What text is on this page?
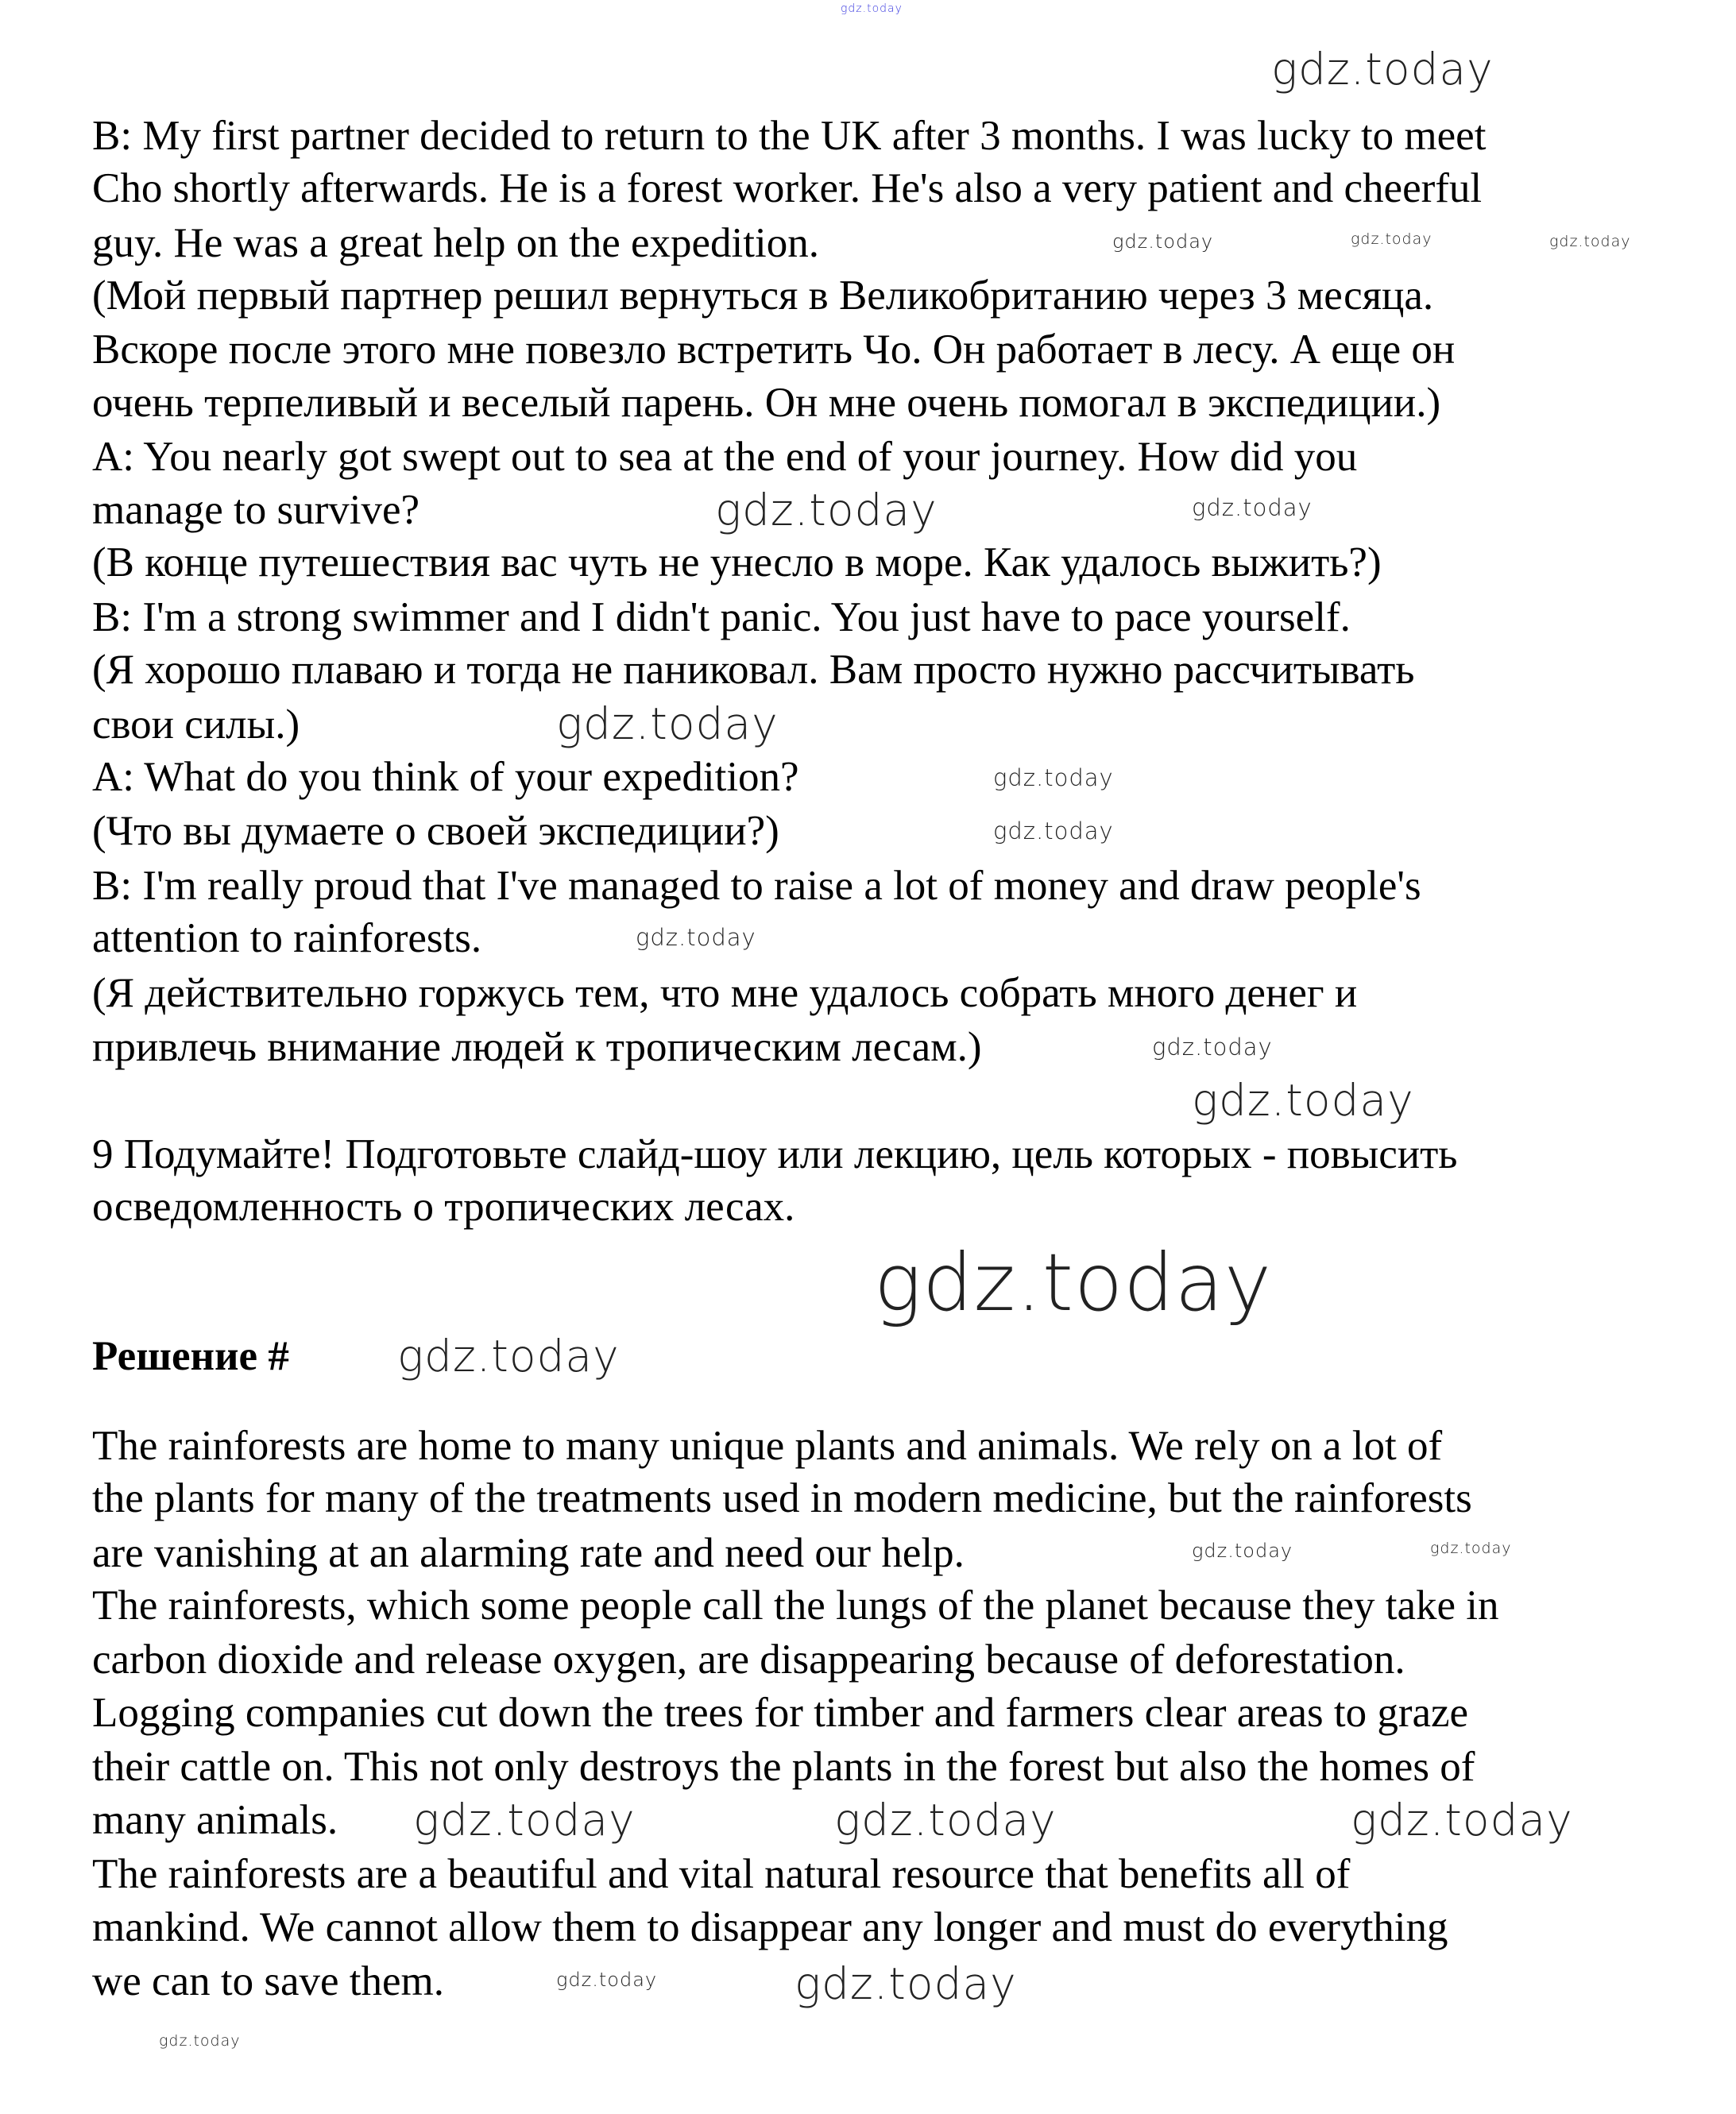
gdz.today
B: My first partner decided to return to the UK after 3 months. I was lucky to meet
Cho shortly afterwards. He is a forest worker. He's also a very patient and cheerful
guy. He was a great help on the expedition.
(Мой первый партнер решил вернуться в Великобританию через 3 месяца.
Вскоре после этого мне повезло встретить Чо. Он работает в лесу. А еще он
очень терпеливый и веселый парень. Он мне очень помогал в экспедиции.)
A: You nearly got swept out to sea at the end of your journey. How did you
manage to survive?
(В конце путешествия вас чуть не унесло в море. Как удалось выжить?)
B: I'm a strong swimmer and I didn't panic. You just have to pace yourself.
(Я хорошо плаваю и тогда не паниковал. Вам просто нужно рассчитывать
свои силы.)
A: What do you think of your expedition?
(Что вы думаете о своей экспедиции?)
B: I'm really proud that I've managed to raise a lot of money and draw people's
attention to rainforests.
(Я действительно горжусь тем, что мне удалось собрать много денег и
привлечь внимание людей к тропическим лесам.)
9 Подумайте! Подготовьте слайд-шоу или лекцию, цель которых - повысить
осведомленность о тропических лесах.
Решение #
The rainforests are home to many unique plants and animals. We rely on a lot of
the plants for many of the treatments used in modern medicine, but the rainforests
are vanishing at an alarming rate and need our help.
The rainforests, which some people call the lungs of the planet because they take in
carbon dioxide and release oxygen, are disappearing because of deforestation.
Logging companies cut down the trees for timber and farmers clear areas to graze
their cattle on. This not only destroys the plants in the forest but also the homes of
many animals.
The rainforests are a beautiful and vital natural resource that benefits all of
mankind. We cannot allow them to disappear any longer and must do everything
we can to save them.
gdz.today	gdz.today	gdz.today
gdz.today	gdz.today
gdz.today
gdz.today
gdz.today
gdz.today
gdz.today
gdz.today
gdz.today
gdz.today
gdz.today	gdz.today
gdz.today	gdz.today	gdz.today
gdz.today	gdz.today
gdz.today
gdz.today
